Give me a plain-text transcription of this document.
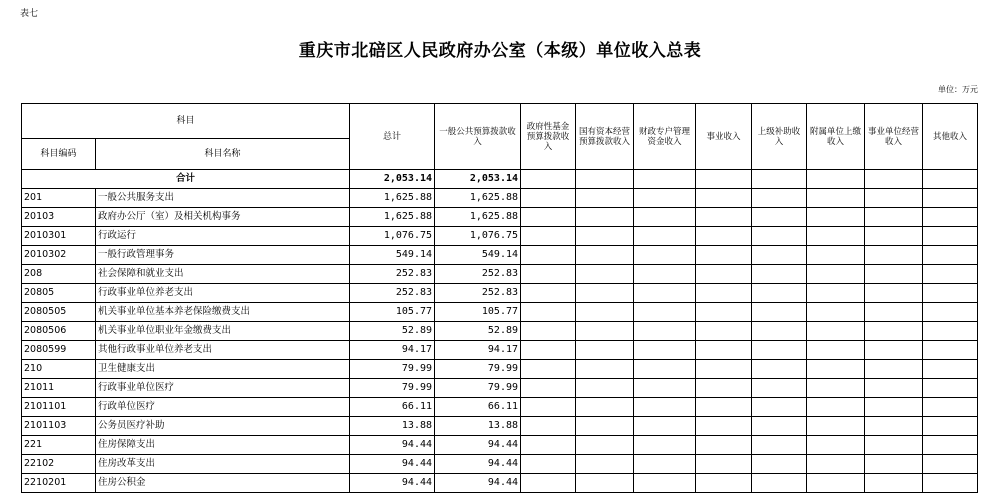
表七
重庆市北碚区人民政府办公室（本级）单位收入总表
单位：万元
科目		总计	一般公共预算拨款收入	政府性基金预算拨款收入	国有资本经营预算拨款收入	财政专户管理资金收入	事业收入	上级补助收入	附属单位上缴收入	事业单位经营收入	其他收入	
科目编码	科目名称											
合计		2,053.14	2,053.14										
201	一般公共服务支出	1,625.88	1,625.88									
20103	政府办公厅（室）及相关机构事务	1,625.88	1,625.88									
2010301	行政运行	1,076.75	1,076.75									
2010302	一般行政管理事务	549.14	549.14									
208	社会保障和就业支出	252.83	252.83									
20805	行政事业单位养老支出	252.83	252.83									
2080505	机关事业单位基本养老保险缴费支出	105.77	105.77									
2080506	机关事业单位职业年金缴费支出	52.89	52.89									
2080599	其他行政事业单位养老支出	94.17	94.17									
210	卫生健康支出	79.99	79.99									
21011	行政事业单位医疗	79.99	79.99									
2101101	行政单位医疗	66.11	66.11									
2101103	公务员医疗补助	13.88	13.88									
221	住房保障支出	94.44	94.44									
22102	住房改革支出	94.44	94.44									
2210201	住房公积金	94.44	94.44									
